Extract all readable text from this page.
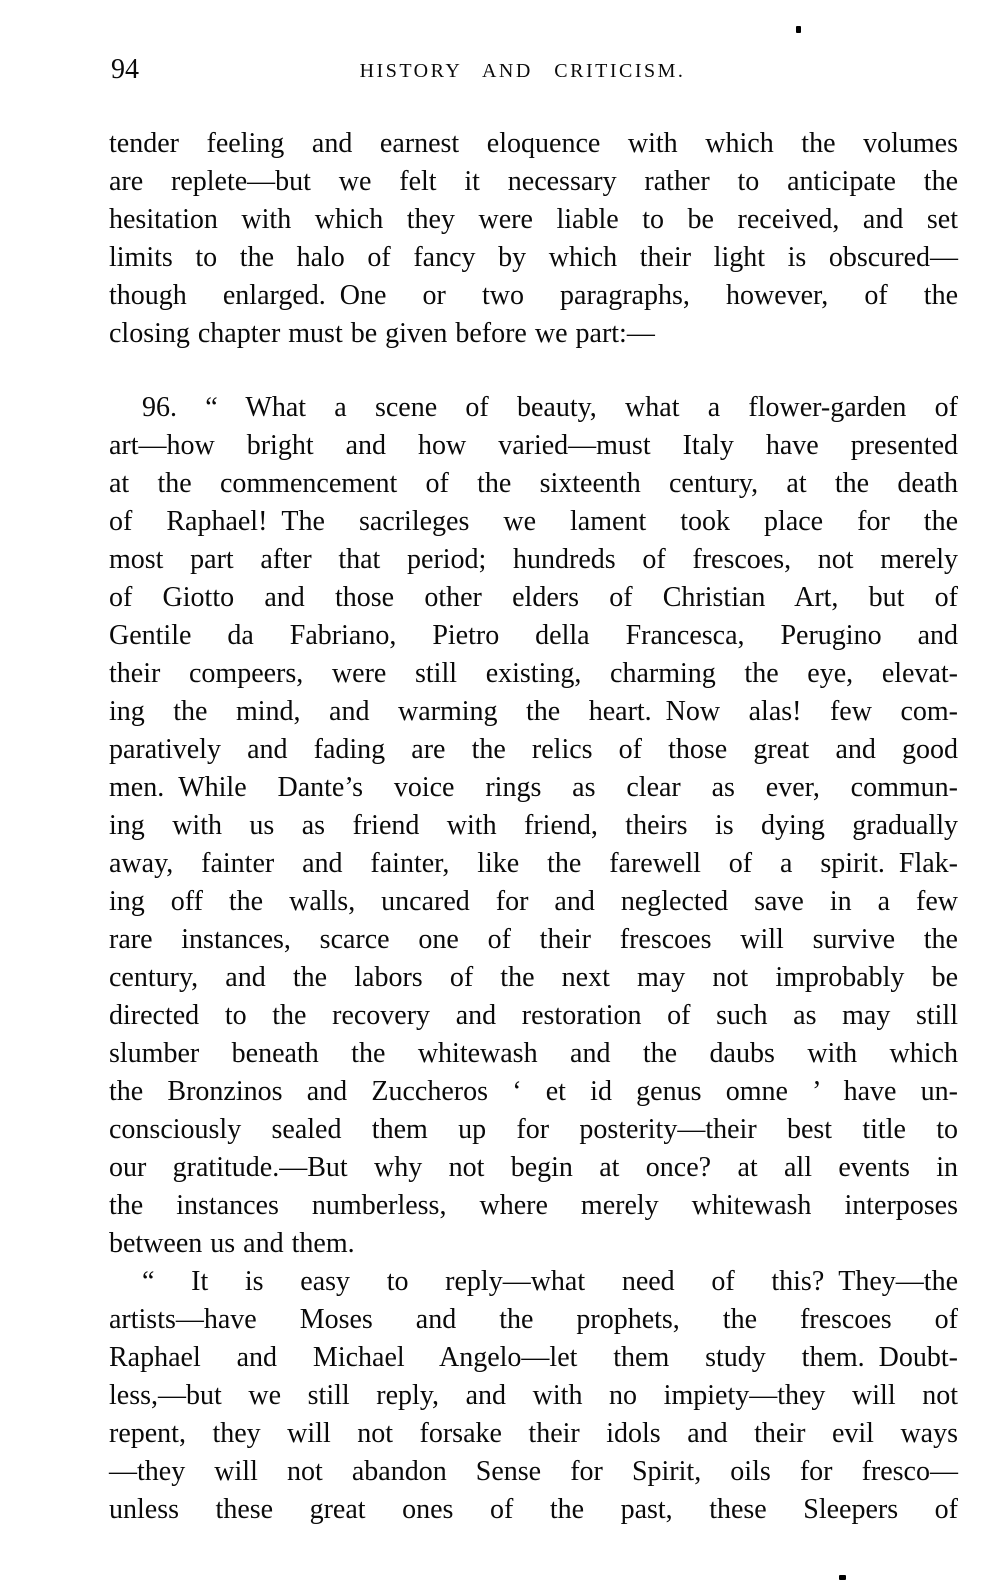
94	HISTORY AND CRITICISM.
tender feeling and earnest eloquence with which the volumes
are replete—but we felt it necessary rather to anticipate the
hesitation with which they were liable to be received, and set
limits to the halo of fancy by which their light is obscured—
though enlarged. One or two paragraphs, however, of the
closing chapter must be given before we part:—
96. “ What a scene of beauty, what a flower-garden of
art—how bright and how varied—must Italy have presented
at the commencement of the sixteenth century, at the death
of Raphael! The sacrileges we lament took place for the
most part after that period; hundreds of frescoes, not merely
of Giotto and those other elders of Christian Art, but of
Gentile da Fabriano, Pietro della Francesca, Perugino and
their compeers, were still existing, charming the eye, elevat-
ing the mind, and warming the heart. Now alas! few com-
paratively and fading are the relics of those great and good
men. While Dante’s voice rings as clear as ever, commun-
ing with us as friend with friend, theirs is dying gradually
away, fainter and fainter, like the farewell of a spirit. Flak-
ing off the walls, uncared for and neglected save in a few
rare instances, scarce one of their frescoes will survive the
century, and the labors of the next may not improbably be
directed to the recovery and restoration of such as may still
slumber beneath the whitewash and the daubs with which
the Bronzinos and Zuccheros ‘ et id genus omne ’ have un-
consciously sealed them up for posterity—their best title to
our gratitude.—But why not begin at once? at all events in
the instances numberless, where merely whitewash interposes
between us and them.
“ It is easy to reply—what need of this? They—the
artists—have Moses and the prophets, the frescoes of
Raphael and Michael Angelo—let them study them. Doubt-
less,—but we still reply, and with no impiety—they will not
repent, they will not forsake their idols and their evil ways
—they will not abandon Sense for Spirit, oils for fresco—
unless these great ones of the past, these Sleepers of
